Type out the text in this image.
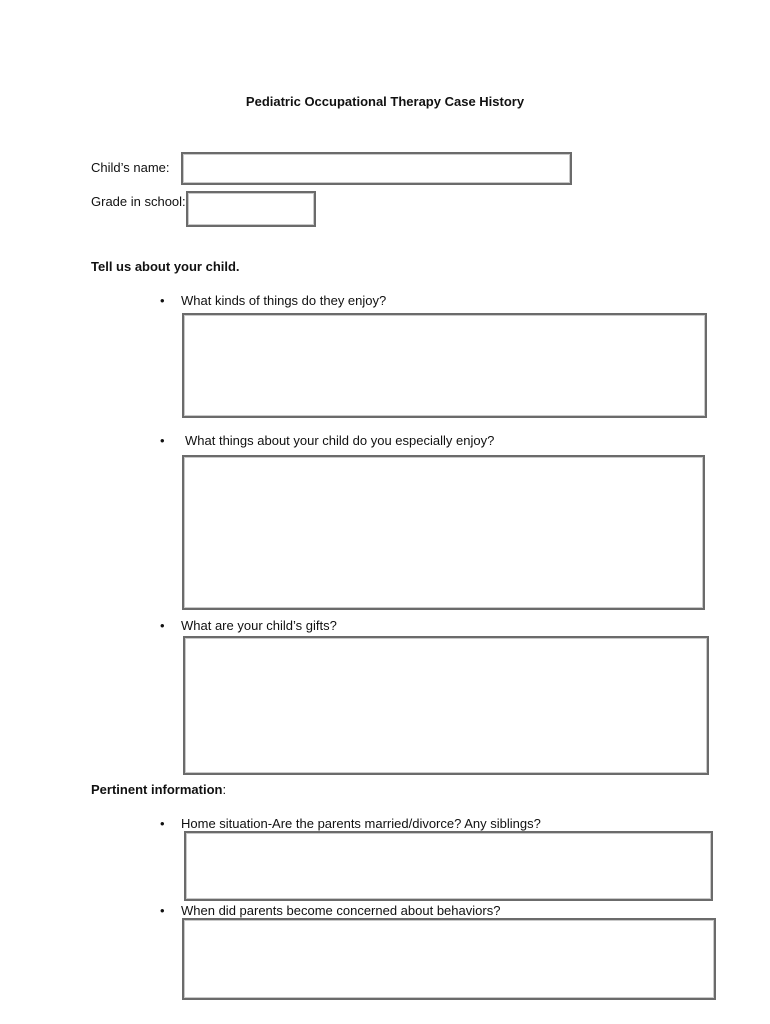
Pediatric Occupational Therapy Case History
Child’s name:
Grade in school:
Tell us about your child.
• What kinds of things do they enjoy?
• What things about your child do you especially enjoy?
• What are your child’s gifts?
Pertinent information:
• Home situation-Are the parents married/divorce? Any siblings?
• When did parents become concerned about behaviors?
